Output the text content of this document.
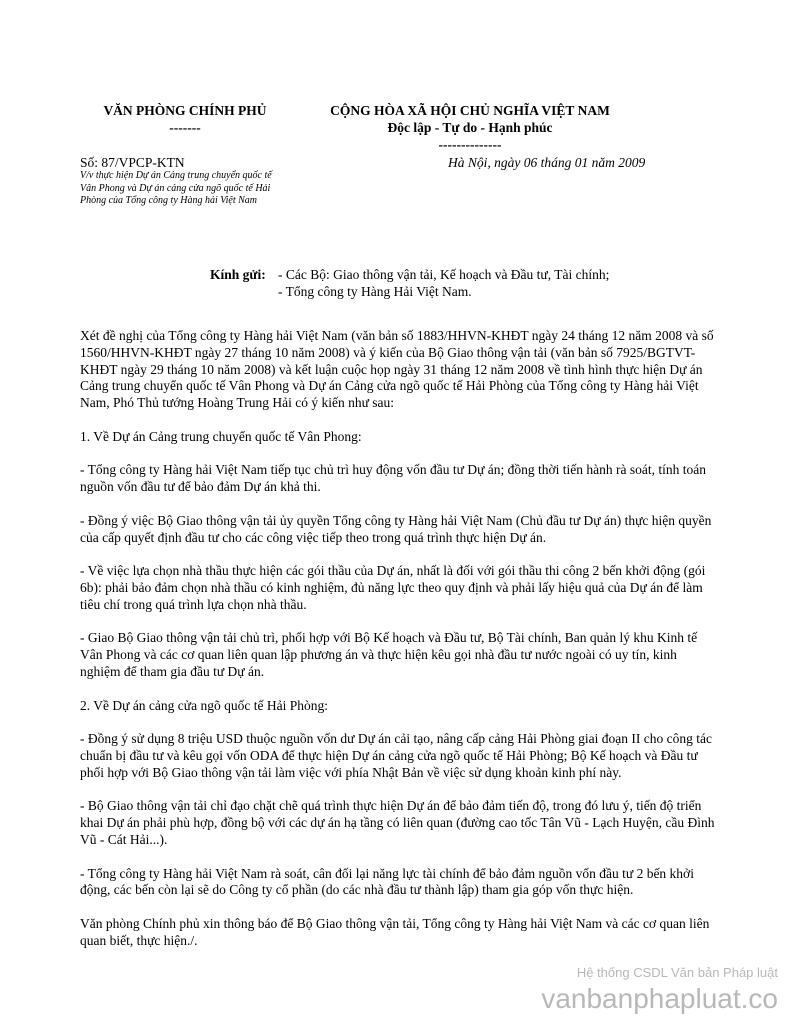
VĂN PHÒNG CHÍNH PHỦ
-------
CỘNG HÒA XÃ HỘI CHỦ NGHĨA VIỆT NAM
Độc lập - Tự do - Hạnh phúc
--------------
Số: 87/VPCP-KTN
V/v thực hiện Dự án Cảng trung chuyển quốc tế Vân Phong và Dự án cảng cửa ngõ quốc tế Hải Phòng của Tổng công ty Hàng hải Việt Nam
Hà Nội, ngày 06 tháng 01 năm 2009
Kính gửi: - Các Bộ: Giao thông vận tải, Kế hoạch và Đầu tư, Tài chính;
- Tổng công ty Hàng Hải Việt Nam.

Xét đề nghị của Tổng công ty Hàng hải Việt Nam (văn bản số 1883/HHVN-KHĐT ngày 24 tháng 12 năm 2008 và số 1560/HHVN-KHĐT ngày 27 tháng 10 năm 2008) và ý kiến của Bộ Giao thông vận tải (văn bản số 7925/BGTVT-KHĐT ngày 29 tháng 10 năm 2008) và kết luận cuộc họp ngày 31 tháng 12 năm 2008 về tình hình thực hiện Dự án Cảng trung chuyển quốc tế Vân Phong và Dự án Cảng cửa ngõ quốc tế Hải Phòng của Tổng công ty Hàng hải Việt Nam, Phó Thủ tướng Hoàng Trung Hải có ý kiến như sau:

1. Về Dự án Cảng trung chuyển quốc tế Vân Phong:

- Tổng công ty Hàng hải Việt Nam tiếp tục chủ trì huy động vốn đầu tư Dự án; đồng thời tiến hành rà soát, tính toán nguồn vốn đầu tư để bảo đảm Dự án khả thi.

- Đồng ý việc Bộ Giao thông vận tải ủy quyền Tổng công ty Hàng hải Việt Nam (Chủ đầu tư Dự án) thực hiện quyền của cấp quyết định đầu tư cho các công việc tiếp theo trong quá trình thực hiện Dự án.

- Về việc lựa chọn nhà thầu thực hiện các gói thầu của Dự án, nhất là đối với gói thầu thi công 2 bến khởi động (gói 6b): phải bảo đảm chọn nhà thầu có kinh nghiệm, đủ năng lực theo quy định và phải lấy hiệu quả của Dự án để làm tiêu chí trong quá trình lựa chọn nhà thầu.

- Giao Bộ Giao thông vận tải chủ trì, phối hợp với Bộ Kế hoạch và Đầu tư, Bộ Tài chính, Ban quản lý khu Kinh tế Vân Phong và các cơ quan liên quan lập phương án và thực hiện kêu gọi nhà đầu tư nước ngoài có uy tín, kinh nghiệm để tham gia đầu tư Dự án.

2. Về Dự án cảng cửa ngõ quốc tế Hải Phòng:

- Đồng ý sử dụng 8 triệu USD thuộc nguồn vốn dư Dự án cải tạo, nâng cấp cảng Hải Phòng giai đoạn II cho công tác chuẩn bị đầu tư và kêu gọi vốn ODA để thực hiện Dự án cảng cửa ngõ quốc tế Hải Phòng; Bộ Kế hoạch và Đầu tư phối hợp với Bộ Giao thông vận tải làm việc với phía Nhật Bản về việc sử dụng khoản kinh phí này.

- Bộ Giao thông vận tải chỉ đạo chặt chẽ quá trình thực hiện Dự án để bảo đảm tiến độ, trong đó lưu ý, tiến độ triển khai Dự án phải phù hợp, đồng bộ với các dự án hạ tầng có liên quan (đường cao tốc Tân Vũ - Lạch Huyện, cầu Đình Vũ - Cát Hải...).

- Tổng công ty Hàng hải Việt Nam rà soát, cân đối lại năng lực tài chính để bảo đảm nguồn vốn đầu tư 2 bến khởi động, các bến còn lại sẽ do Công ty cổ phần (do các nhà đầu tư thành lập) tham gia góp vốn thực hiện.

Văn phòng Chính phủ xin thông báo để Bộ Giao thông vận tải, Tổng công ty Hàng hải Việt Nam và các cơ quan liên quan biết, thực hiện./.

Hệ thống CSDL Văn bản Pháp luật
vanbanphapluat.co
